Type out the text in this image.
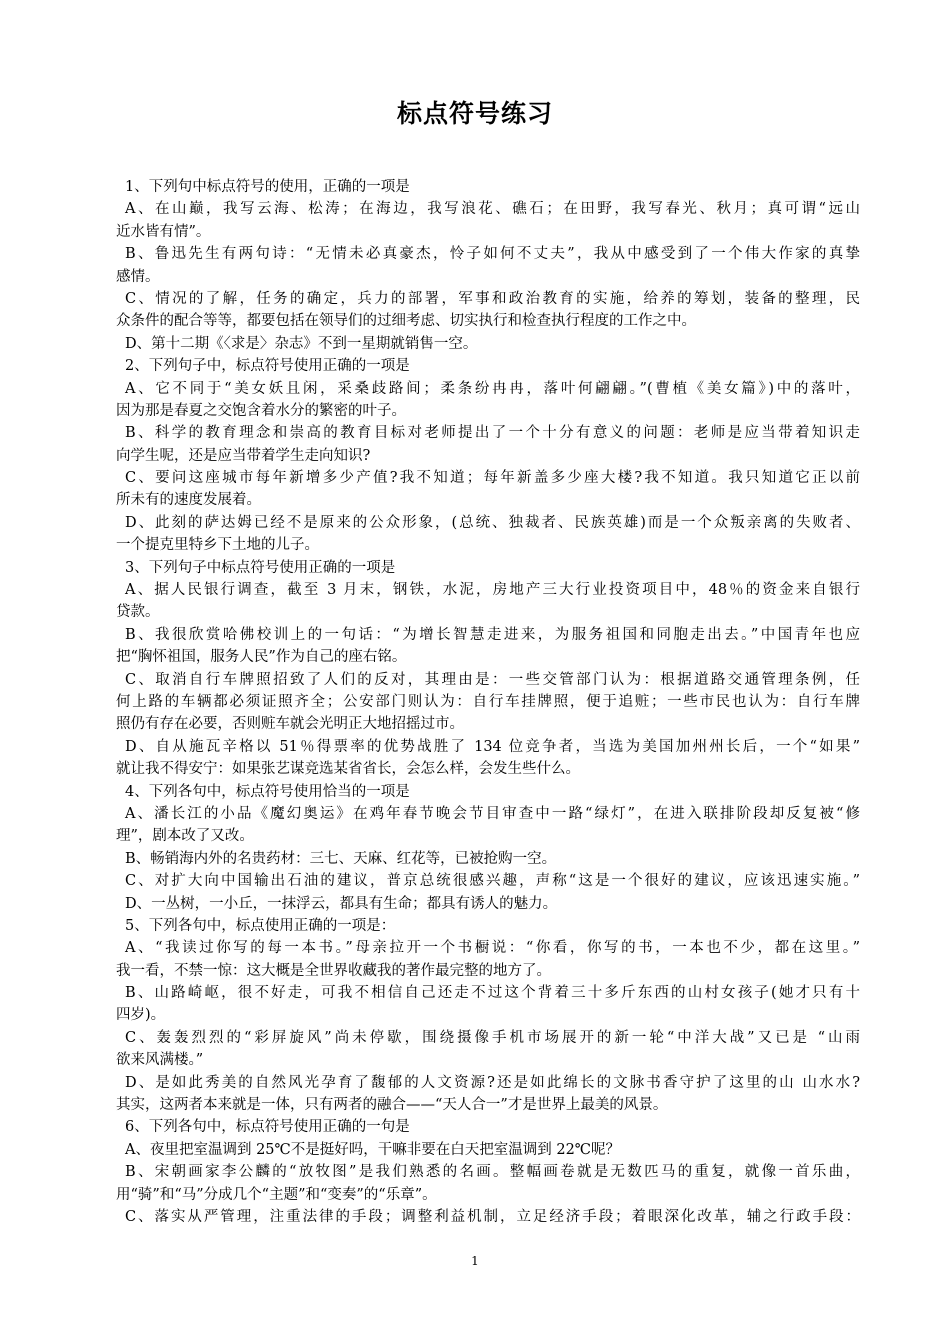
标点符号练习
1、下列句中标点符号的使用，正确的一项是
A、在山巅，我写云海、松涛；在海边，我写浪花、礁石；在田野，我写春光、秋月；真可谓“远山
近水皆有情”。
B、鲁迅先生有两句诗：“无情未必真豪杰，怜子如何不丈夫”，我从中感受到了一个伟大作家的真挚
感情。
C、情况的了解，任务的确定，兵力的部署，军事和政治教育的实施，给养的筹划，装备的整理，民
众条件的配合等等，都要包括在领导们的过细考虑、切实执行和检查执行程度的工作之中。
D、第十二期《〈求是〉杂志》不到一星期就销售一空。
2、下列句子中，标点符号使用正确的一项是
A、它不同于“美女妖且闲，采桑歧路间；柔条纷冉冉，落叶何翩翩。”(曹植《美女篇》)中的落叶，
因为那是春夏之交饱含着水分的繁密的叶子。
B、科学的教育理念和崇高的教育目标对老师提出了一个十分有意义的问题：老师是应当带着知识走
向学生呢，还是应当带着学生走向知识?
C、要问这座城市每年新增多少产值?我不知道；每年新盖多少座大楼?我不知道。我只知道它正以前
所未有的速度发展着。
D、此刻的萨达姆已经不是原来的公众形象，(总统、独裁者、民族英雄)而是一个众叛亲离的失败者、
一个提克里特乡下土地的儿子。
3、下列句子中标点符号使用正确的一项是
A、据人民银行调查，截至 3 月末，钢铁，水泥，房地产三大行业投资项目中，48％的资金来自银行
贷款。
B、我很欣赏哈佛校训上的一句话：“为增长智慧走进来，为服务祖国和同胞走出去。”中国青年也应
把“胸怀祖国，服务人民”作为自己的座右铭。
C、取消自行车牌照招致了人们的反对，其理由是：一些交管部门认为：根据道路交通管理条例，任
何上路的车辆都必须证照齐全；公安部门则认为：自行车挂牌照，便于追赃；一些市民也认为：自行车牌
照仍有存在必要，否则赃车就会光明正大地招摇过市。
D、自从施瓦辛格以 51％得票率的优势战胜了 134 位竞争者，当选为美国加州州长后，一个“如果”
就让我不得安宁：如果张艺谋竞选某省省长，会怎么样，会发生些什么。
4、下列各句中，标点符号使用恰当的一项是
A、潘长江的小品《魔幻奥运》在鸡年春节晚会节目审查中一路“绿灯”，在进入联排阶段却反复被“修
理”，剧本改了又改。
B、畅销海内外的名贵药材：三七、天麻、红花等，已被抢购一空。
C、对扩大向中国输出石油的建议，普京总统很感兴趣，声称“这是一个很好的建议，应该迅速实施。”
D、一丛树，一小丘，一抹浮云，都具有生命；都具有诱人的魅力。
5、下列各句中，标点使用正确的一项是：
A、“我读过你写的每一本书。”母亲拉开一个书橱说：“你看，你写的书，一本也不少，都在这里。”
我一看，不禁一惊：这大概是全世界收藏我的著作最完整的地方了。
B、山路崎岖，很不好走，可我不相信自己还走不过这个背着三十多斤东西的山村女孩子(她才只有十
四岁)。
C、轰轰烈烈的“彩屏旋风”尚未停歇，围绕摄像手机市场展开的新一轮“中洋大战”又已是 “山雨
欲来风满楼。”
D、是如此秀美的自然风光孕育了馥郁的人文资源?还是如此绵长的文脉书香守护了这里的山 山水水?
其实，这两者本来就是一体，只有两者的融合——“天人合一”才是世界上最美的风景。
6、下列各句中，标点符号使用正确的一句是
A、夜里把室温调到 25℃不是挺好吗，干嘛非要在白天把室温调到 22℃呢？
B、宋朝画家李公麟的“放牧图”是我们熟悉的名画。整幅画卷就是无数匹马的重复，就像一首乐曲，
用“骑”和“马”分成几个“主题”和“变奏”的“乐章”。
C、落实从严管理，注重法律的手段；调整利益机制，立足经济手段；着眼深化改革，辅之行政手段：
1
